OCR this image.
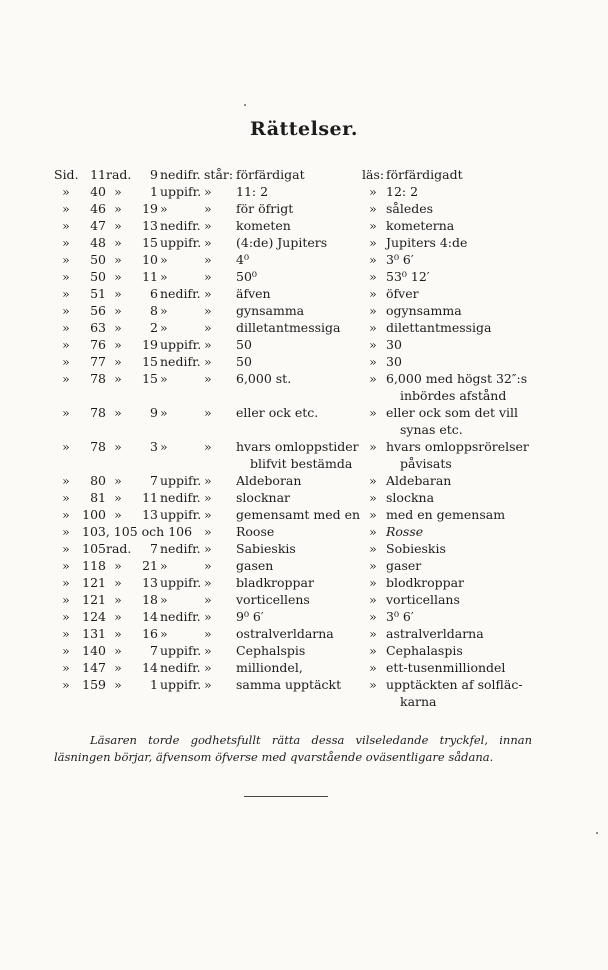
Rättelser.
Sid. 11 rad.	9 nedifr. står: förfärdigat	läs: förfärdigadt
»	40 »	1 uppifr. »	11: 2	» 12: 2
»	46 »	19 »	»	för öfrigt	» således
»	47 »	13 nedifr. »	kometen	» kometerna
»	48 »	15 uppifr. »	(4:de) Jupiters	» Jupiters 4:de
»	50 »	10 »	»	4⁰	» 3⁰ 6′
»	50 »	11 »	»	50⁰	» 53⁰ 12′
»	51 »	6 nedifr. »	äfven	» öfver
»	56 »	8 »	»	gynsamma	» ogynsamma
»	63 »	2 »	»	dilletantmessiga	» dilettantmessiga
»	76 »	19 uppifr. »	50	» 30
»	77 »	15 nedifr. »	50	» 30
»	78 »	15 »	»	6,000 st.	» 6,000 med högst 32″:s
inbördes afstånd
»	78 »	9 »	»	eller ock etc.	» eller ock som det vill
synas etc.
»	78 »	3 »	»	hvars omloppstider » hvars omloppsrörelser
blifvit bestämda	påvisats
»	80 »	7 uppifr. »	Aldeboran	» Aldebaran
»	81 »	11 nedifr. »	slocknar	» slockna
» 100 »	13 uppifr. »	gemensamt med en » med en gemensam
» 103, 105 och 106 »	Roose	» Rosse
» 105 rad.	7 nedifr. »	Sabieskis	» Sobieskis
» 118 »	21 »	»	gasen	» gaser
» 121 »	13 uppifr. »	bladkroppar	» blodkroppar
» 121 »	18 »	»	vorticellens	» vorticellans
» 124 »	14 nedifr. »	9⁰ 6′	» 3⁰ 6′
» 131 »	16 »	»	ostralverldarna	» astralverldarna
» 140 »	7 uppifr. »	Cephalspis	» Cephalaspis
» 147 »	14 nedifr. »	milliondel,	» ett-tusenmilliondel
» 159 »	1 uppifr. »	samma upptäckt	» upptäckten af solfläc-
karna
Läsaren torde godhetsfullt rätta dessa vilseledande tryckfel, innan läsningen börjar, äfvensom öfverse med qvarstående oväsentligare sådana.
